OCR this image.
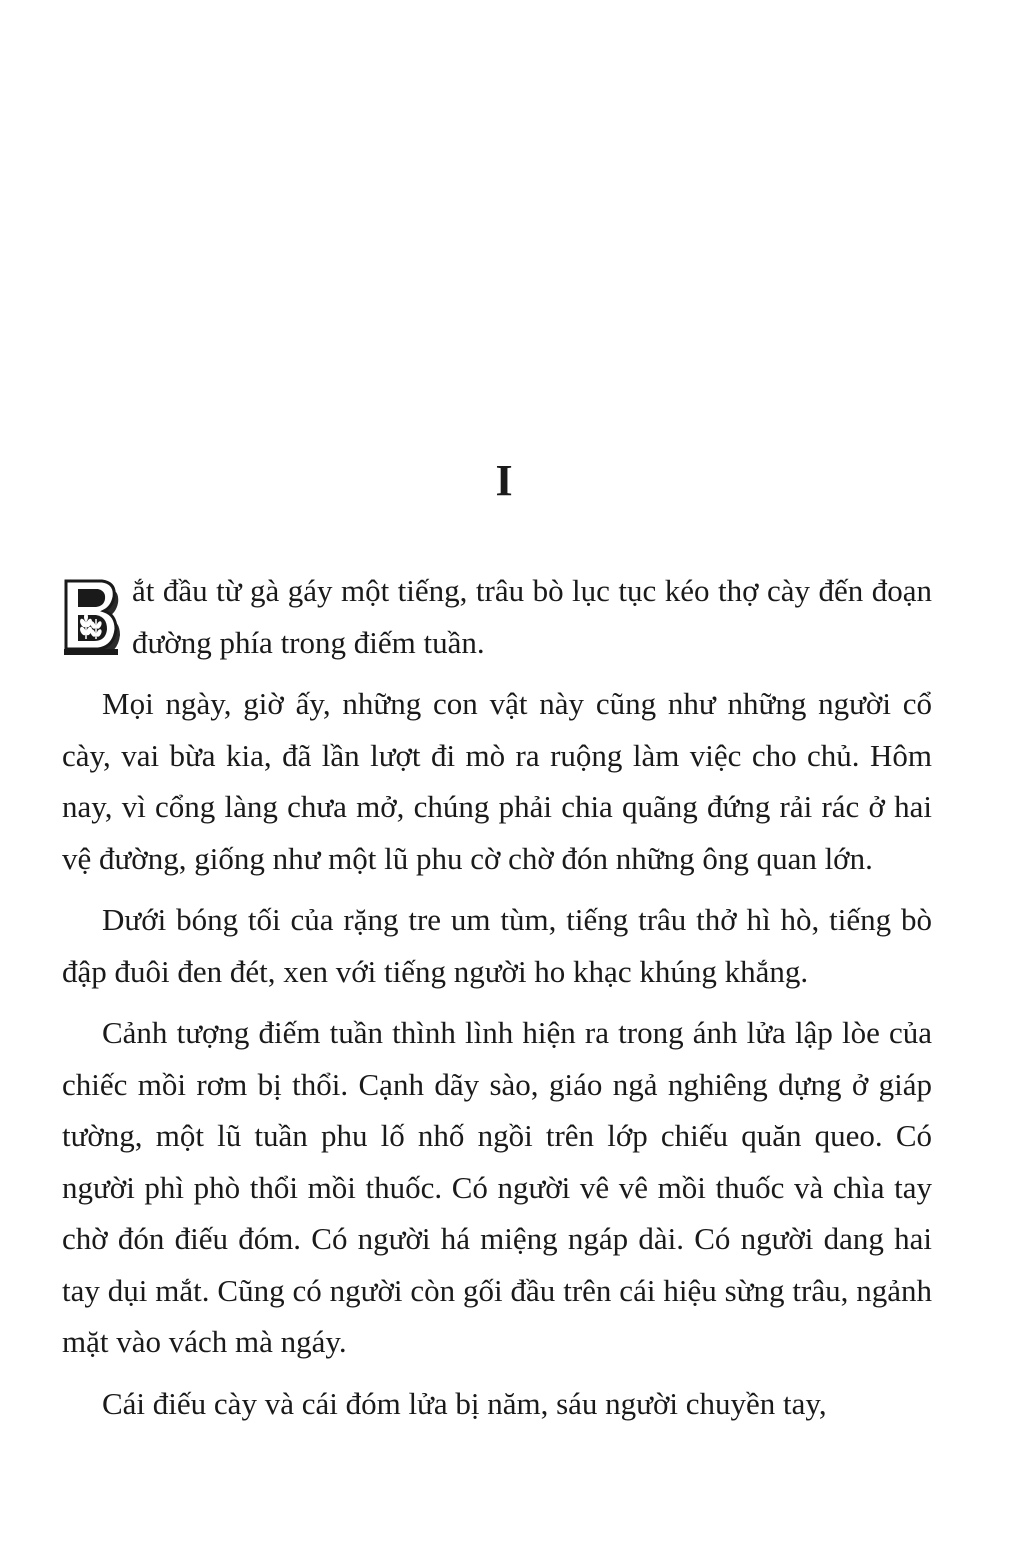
I

ắt đầu từ gà gáy một tiếng, trâu bò lục tục kéo thợ cày đến đoạn đường phía trong điếm tuần.

Mọi ngày, giờ ấy, những con vật này cũng như những người cổ cày, vai bừa kia, đã lần lượt đi mò ra ruộng làm việc cho chủ. Hôm nay, vì cổng làng chưa mở, chúng phải chia quãng đứng rải rác ở hai vệ đường, giống như một lũ phu cờ chờ đón những ông quan lớn.

Dưới bóng tối của rặng tre um tùm, tiếng trâu thở hì hò, tiếng bò đập đuôi đen đét, xen với tiếng người ho khạc khúng khắng.

Cảnh tượng điếm tuần thình lình hiện ra trong ánh lửa lập lòe của chiếc mồi rơm bị thổi. Cạnh dãy sào, giáo ngả nghiêng dựng ở giáp tường, một lũ tuần phu lố nhố ngồi trên lớp chiếu quăn queo. Có người phì phò thổi mồi thuốc. Có người vê vê mồi thuốc và chìa tay chờ đón điếu đóm. Có người há miệng ngáp dài. Có người dang hai tay dụi mắt. Cũng có người còn gối đầu trên cái hiệu sừng trâu, ngảnh mặt vào vách mà ngáy.

Cái điếu cày và cái đóm lửa bị năm, sáu người chuyền tay,
